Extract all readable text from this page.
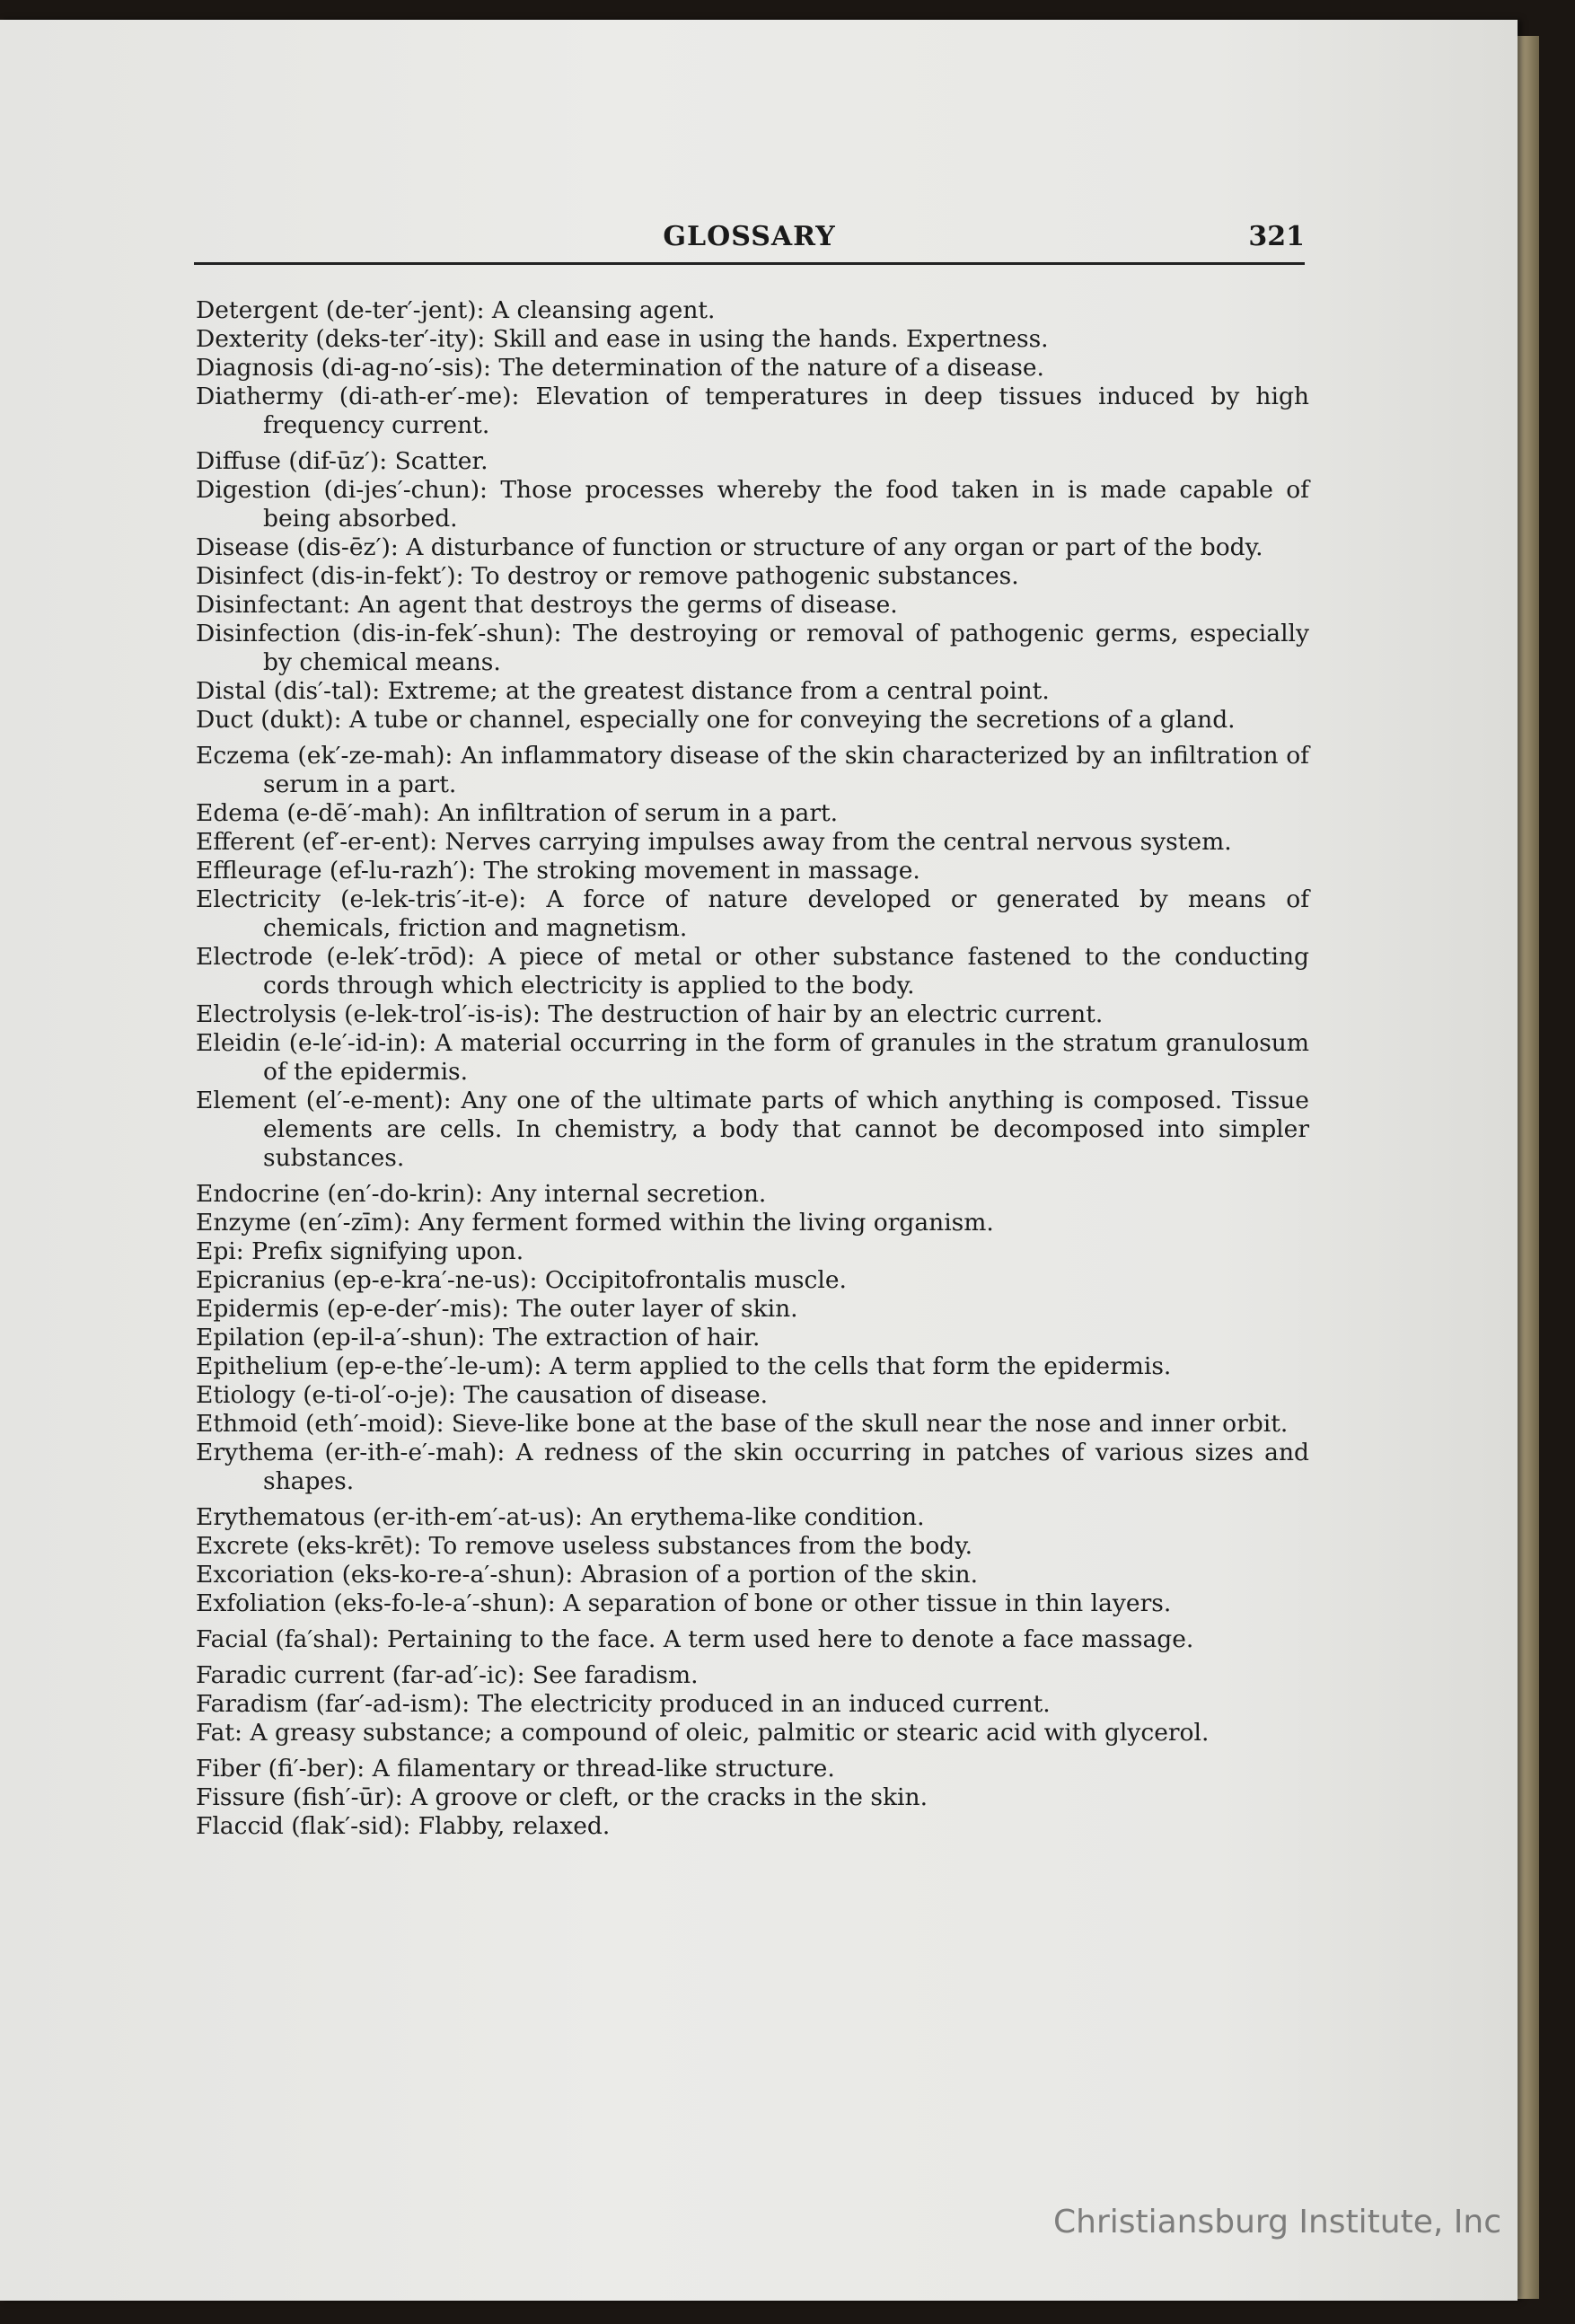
GLOSSARY	321

Detergent (de-ter′-jent): A cleansing agent.

Dexterity (deks-ter′-ity): Skill and ease in using the hands. Expertness.

Diagnosis (di-ag-no′-sis): The determination of the nature of a disease.

Diathermy (di-ath-er′-me): Elevation of temperatures in deep tissues induced by high frequency current.

Diffuse (dif-ūz′): Scatter.

Digestion (di-jes′-chun): Those processes whereby the food taken in is made capable of being absorbed.

Disease (dis-ēz′): A disturbance of function or structure of any organ or part of the body.

Disinfect (dis-in-fekt′): To destroy or remove pathogenic substances.

Disinfectant: An agent that destroys the germs of disease.

Disinfection (dis-in-fek′-shun): The destroying or removal of pathogenic germs, especially by chemical means.

Distal (dis′-tal): Extreme; at the greatest distance from a central point.

Duct (dukt): A tube or channel, especially one for conveying the secretions of a gland.

Eczema (ek′-ze-mah): An inflammatory disease of the skin characterized by an infiltration of serum in a part.

Edema (e-dē′-mah): An infiltration of serum in a part.

Efferent (ef′-er-ent): Nerves carrying impulses away from the central nervous system.

Effleurage (ef-lu-razh′): The stroking movement in massage.

Electricity (e-lek-tris′-it-e): A force of nature developed or generated by means of chemicals, friction and magnetism.

Electrode (e-lek′-trōd): A piece of metal or other substance fastened to the conducting cords through which electricity is applied to the body.

Electrolysis (e-lek-trol′-is-is): The destruction of hair by an electric current.

Eleidin (e-le′-id-in): A material occurring in the form of granules in the stratum granulosum of the epidermis.

Element (el′-e-ment): Any one of the ultimate parts of which anything is composed. Tissue elements are cells. In chemistry, a body that cannot be decomposed into simpler substances.

Endocrine (en′-do-krin): Any internal secretion.

Enzyme (en′-zīm): Any ferment formed within the living organism.

Epi: Prefix signifying upon.

Epicranius (ep-e-kra′-ne-us): Occipitofrontalis muscle.

Epidermis (ep-e-der′-mis): The outer layer of skin.

Epilation (ep-il-a′-shun): The extraction of hair.

Epithelium (ep-e-the′-le-um): A term applied to the cells that form the epidermis.

Etiology (e-ti-ol′-o-je): The causation of disease.

Ethmoid (eth′-moid): Sieve-like bone at the base of the skull near the nose and inner orbit.

Erythema (er-ith-e′-mah): A redness of the skin occurring in patches of various sizes and shapes.

Erythematous (er-ith-em′-at-us): An erythema-like condition.

Excrete (eks-krēt): To remove useless substances from the body.

Excoriation (eks-ko-re-a′-shun): Abrasion of a portion of the skin.

Exfoliation (eks-fo-le-a′-shun): A separation of bone or other tissue in thin layers.

Facial (fa′shal): Pertaining to the face. A term used here to denote a face massage.

Faradic current (far-ad′-ic): See faradism.

Faradism (far′-ad-ism): The electricity produced in an induced current.

Fat: A greasy substance; a compound of oleic, palmitic or stearic acid with glycerol.

Fiber (fi′-ber): A filamentary or thread-like structure.

Fissure (fish′-ūr): A groove or cleft, or the cracks in the skin.

Flaccid (flak′-sid): Flabby, relaxed.

Christiansburg Institute, Inc
